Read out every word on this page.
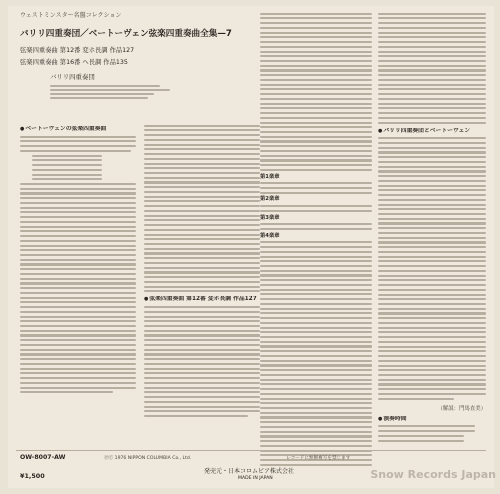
ウェストミンスター名盤コレクション
バリリ四重奏団／ベートーヴェン弦楽四重奏曲全集—7
弦楽四重奏曲 第12番 変ホ長調 作品127
弦楽四重奏曲 第16番 ヘ長調 作品135
バリリ四重奏団
● ベートーヴェンの弦楽四重奏曲
● 弦楽四重奏曲 第12番 変ホ長調 作品127
第1楽章
第2楽章
第3楽章
第4楽章
● バリリ四重奏団とベートーヴェン
（解説：門馬直美）
● 演奏時間
OW-8007-AW
¥1,500
ⓅⒸ 1976 NIPPON COLUMBIA Co., Ltd.	レコードに無断複写を禁じます
発売元・日本コロムビア株式会社
MADE IN JAPAN	Snow Records Japan
